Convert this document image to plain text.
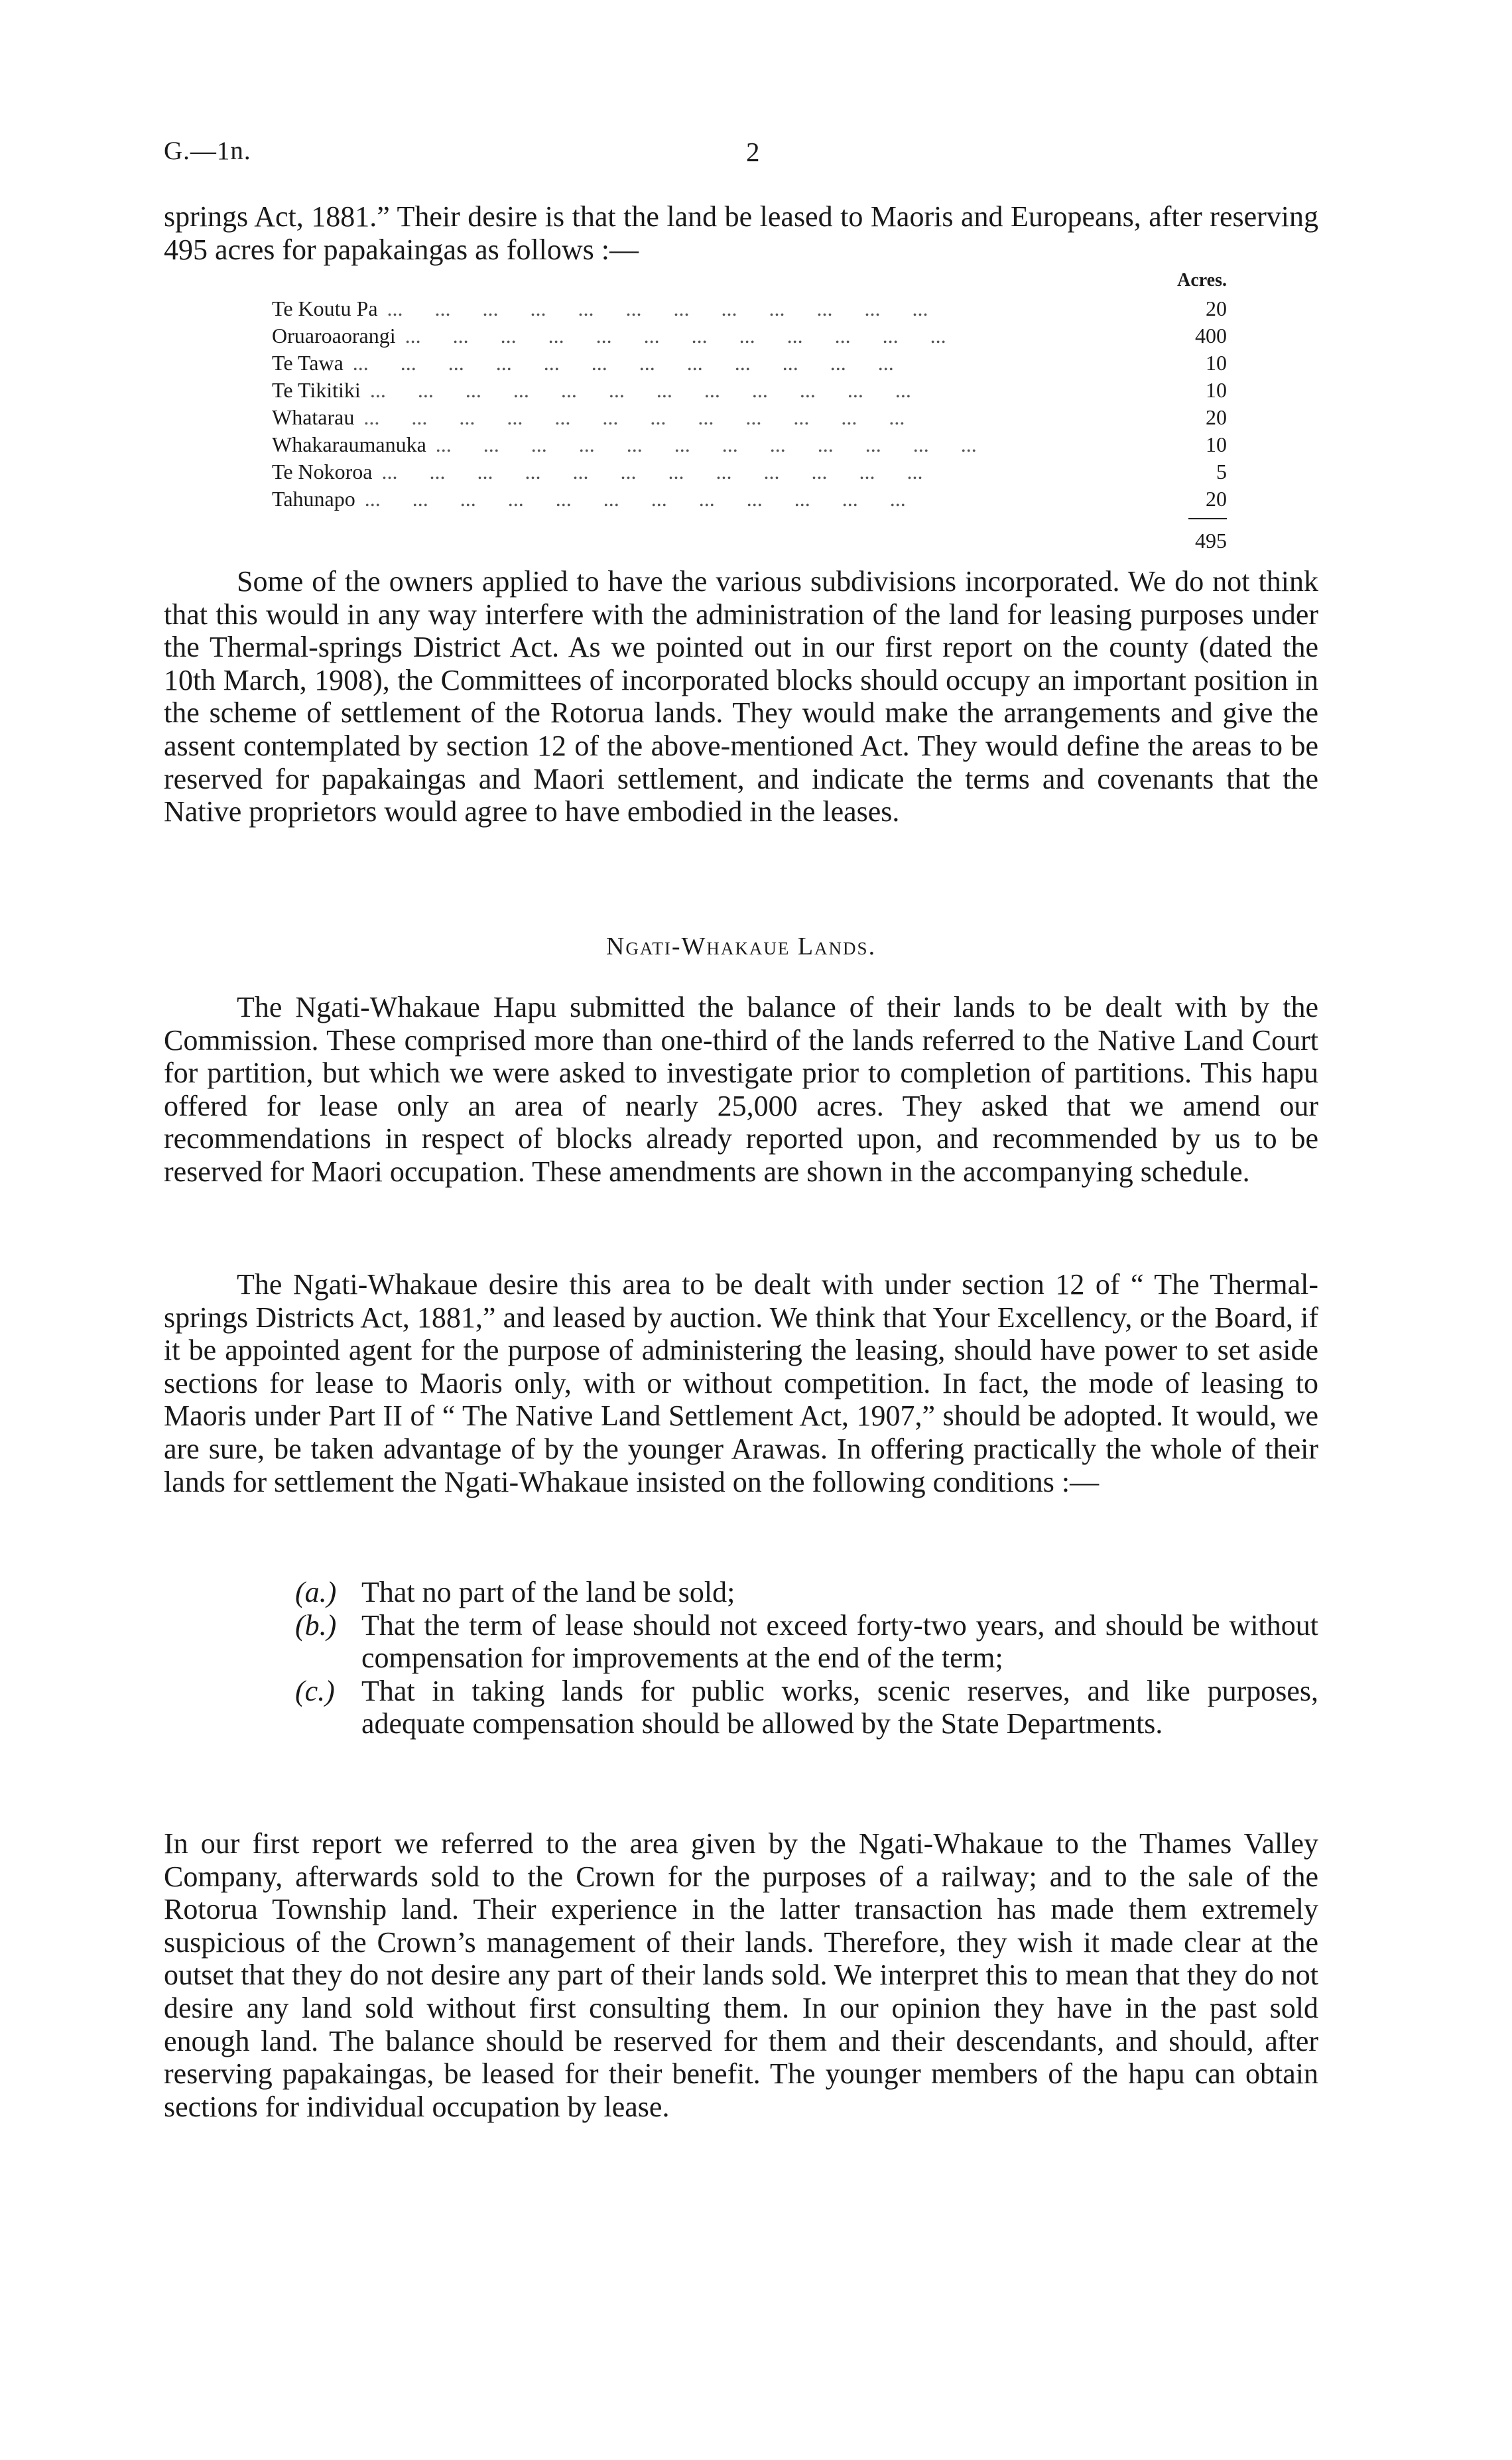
G.—1n.	2

springs Act, 1881.” Their desire is that the land be leased to Maoris and Europeans, after reserving 495 acres for papakaingas as follows :—

Acres.
Te Koutu Pa ...      ...      ...      ...      ...      ...      ...      ...      ...      ...      ...      ...	20
Oruaroaorangi ...      ...      ...      ...      ...      ...      ...      ...      ...      ...      ...      ...	400
Te Tawa ...      ...      ...      ...      ...      ...      ...      ...      ...      ...      ...      ...	10
Te Tikitiki ...      ...      ...      ...      ...      ...      ...      ...      ...      ...      ...      ...	10
Whatarau ...      ...      ...      ...      ...      ...      ...      ...      ...      ...      ...      ...	20
Whakaraumanuka ...      ...      ...      ...      ...      ...      ...      ...      ...      ...      ...      ...	10
Te Nokoroa ...      ...      ...      ...      ...      ...      ...      ...      ...      ...      ...      ...	5
Tahunapo ...      ...      ...      ...      ...      ...      ...      ...      ...      ...      ...      ...	20
495

Some of the owners applied to have the various subdivisions incorporated. We do not think that this would in any way interfere with the administration of the land for leasing purposes under the Thermal-springs District Act. As we pointed out in our first report on the county (dated the 10th March, 1908), the Committees of incorporated blocks should occupy an important position in the scheme of settlement of the Rotorua lands. They would make the arrangements and give the assent contemplated by section 12 of the above-mentioned Act. They would define the areas to be reserved for papakaingas and Maori settlement, and indicate the terms and covenants that the Native proprietors would agree to have embodied in the leases.

Ngati-Whakaue Lands.

The Ngati-Whakaue Hapu submitted the balance of their lands to be dealt with by the Commission. These comprised more than one-third of the lands referred to the Native Land Court for partition, but which we were asked to investigate prior to completion of partitions. This hapu offered for lease only an area of nearly 25,000 acres. They asked that we amend our recommendations in respect of blocks already reported upon, and recommended by us to be reserved for Maori occupation. These amendments are shown in the accompanying schedule.

The Ngati-Whakaue desire this area to be dealt with under section 12 of “ The Thermal-springs Districts Act, 1881,” and leased by auction. We think that Your Excellency, or the Board, if it be appointed agent for the purpose of administering the leasing, should have power to set aside sections for lease to Maoris only, with or without competition. In fact, the mode of leasing to Maoris under Part II of “ The Native Land Settlement Act, 1907,” should be adopted. It would, we are sure, be taken advantage of by the younger Arawas. In offering practically the whole of their lands for settlement the Ngati-Whakaue insisted on the following conditions :—

(a.) That no part of the land be sold;
(b.) That the term of lease should not exceed forty-two years, and should be without compensation for improvements at the end of the term;
(c.) That in taking lands for public works, scenic reserves, and like purposes, adequate compensation should be allowed by the State Departments.

In our first report we referred to the area given by the Ngati-Whakaue to the Thames Valley Company, afterwards sold to the Crown for the purposes of a railway; and to the sale of the Rotorua Township land. Their experience in the latter transaction has made them extremely suspicious of the Crown’s management of their lands. Therefore, they wish it made clear at the outset that they do not desire any part of their lands sold. We interpret this to mean that they do not desire any land sold without first consulting them. In our opinion they have in the past sold enough land. The balance should be reserved for them and their descendants, and should, after reserving papakaingas, be leased for their benefit. The younger members of the hapu can obtain sections for individual occupation by lease.
